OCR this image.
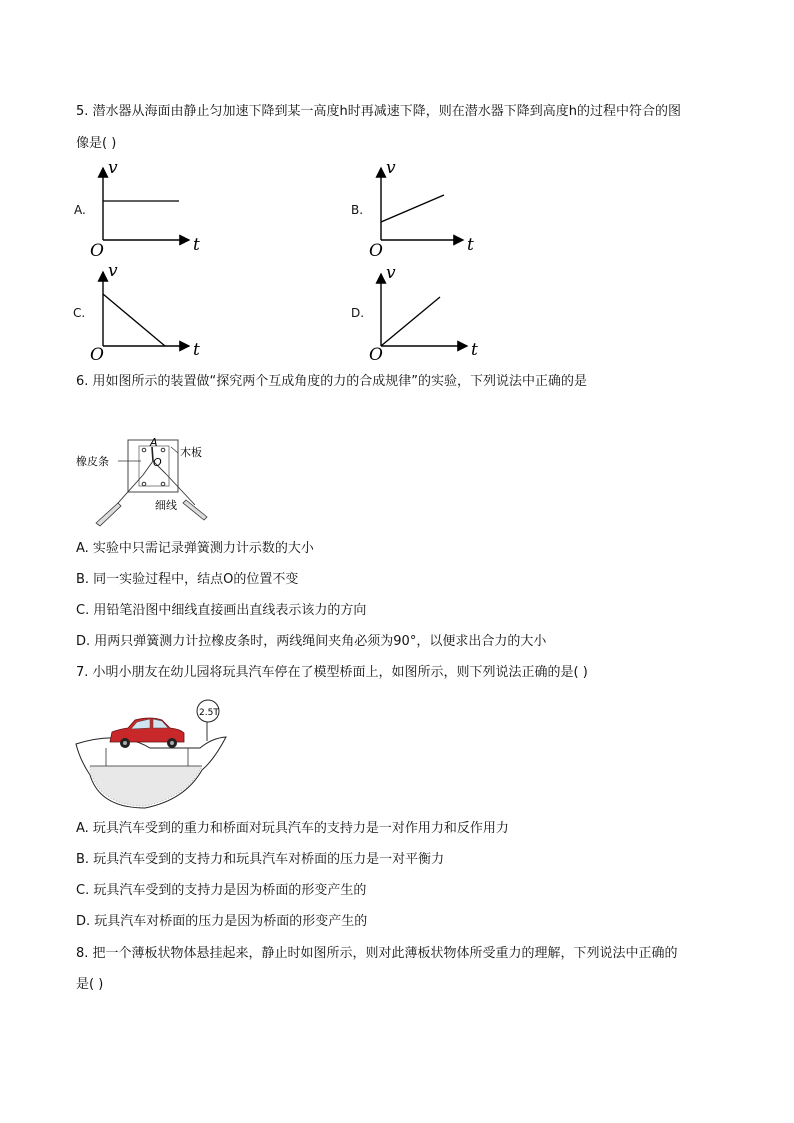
5. 潜水器从海面由静止匀加速下降到某一高度h时再减速下降，则在潜水器下降到高度h的过程中符合的图
像是( )
A.
v
t
O
v
t
O
v
t
O
v
t
O
A
O
橡皮条
木板
细线
2.5T
B.
C.	D.
6. 用如图所示的装置做“探究两个互成角度的力的合成规律”的实验，下列说法中正确的是
A. 实验中只需记录弹簧测力计示数的大小
B. 同一实验过程中，结点O的位置不变
C. 用铅笔沿图中细线直接画出直线表示该力的方向
D. 用两只弹簧测力计拉橡皮条时，两线绳间夹角必须为90°，以便求出合力的大小
7. 小明小朋友在幼儿园将玩具汽车停在了模型桥面上，如图所示，则下列说法正确的是( )
A. 玩具汽车受到的重力和桥面对玩具汽车的支持力是一对作用力和反作用力
B. 玩具汽车受到的支持力和玩具汽车对桥面的压力是一对平衡力
C. 玩具汽车受到的支持力是因为桥面的形变产生的
D. 玩具汽车对桥面的压力是因为桥面的形变产生的
8. 把一个薄板状物体悬挂起来，静止时如图所示，则对此薄板状物体所受重力的理解，下列说法中正确的
是( )
